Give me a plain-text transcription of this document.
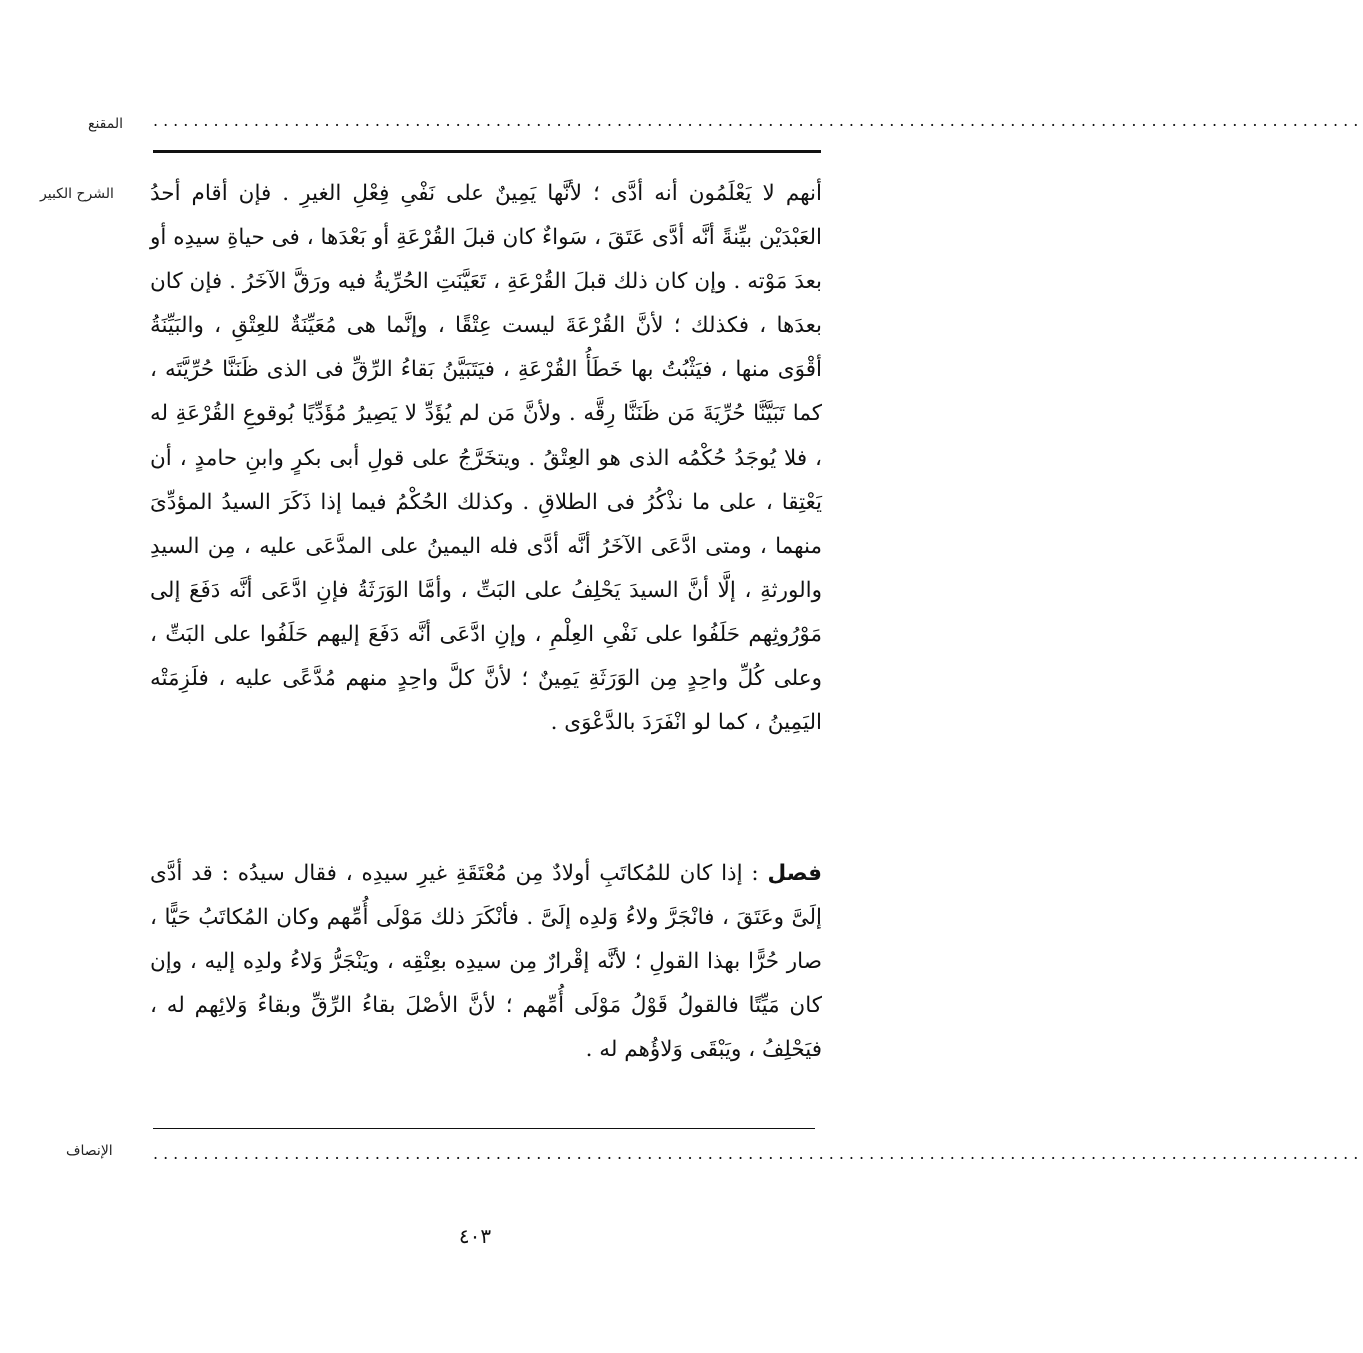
المقنع ........................................................................................................................
الشرح الكبير أنهم لا يَعْلَمُون أنه أدَّى ؛ لأنَّها يَمِينٌ على نَفْىِ فِعْلِ الغيرِ . فإن أقام أحدُ العَبْدَيْن بيِّنةً أنَّه أدَّى عَتَقَ ، سَواءٌ كان قبلَ القُرْعَةِ أو بَعْدَها ، فى حياةِ سيدِه أو بعدَ مَوْته . وإن كان ذلك قبلَ القُرْعَةِ ، تَعَيَّنَتِ الحُرِّيةُ فيه ورَقَّ الآخَرُ . فإن كان بعدَها ، فكذلك ؛ لأنَّ القُرْعَةَ ليست عِتْقًا ، وإنَّما هى مُعَيِّنَةٌ للعِتْقِ ، والبَيِّنَةُ أقْوَى منها ، فيَثْبُتُ بها خَطَأُ القُرْعَةِ ، فيَتَبَيَّنُ بَقاءُ الرِّقِّ فى الذى ظَنَنَّا حُرِّيَّتَه ، كما تَبَيَّنَّا حُرِّيَةَ مَن ظَنَنَّا رِقَّه . ولأنَّ مَن لم يُؤَدِّ لا يَصِيرُ مُؤَدِّيًا بُوقوعِ القُرْعَةِ له ، فلا يُوجَدُ حُكْمُه الذى هو العِتْقُ . ويتخَرَّجُ على قولِ أبى بكرٍ وابنِ حامدٍ ، أن يَعْتِقا ، على ما نذْكُرُ فى الطلاقِ . وكذلك الحُكْمُ فيما إذا ذَكَرَ السيدُ المؤدِّىَ منهما ، ومتى ادَّعَى الآخَرُ أنَّه أدَّى فله اليمينُ على المدَّعَى عليه ، مِن السيدِ والورثةِ ، إلَّا أنَّ السيدَ يَحْلِفُ على البَتِّ ، وأمَّا الوَرَثَةُ فإنِ ادَّعَى أنَّه دَفَعَ إلى مَوْرُوثِهم حَلَفُوا على نَفْىِ العِلْمِ ، وإنِ ادَّعَى أنَّه دَفَعَ إليهم حَلَفُوا على البَتِّ ، وعلى كُلِّ واحِدٍ مِن الوَرَثَةِ يَمِينٌ ؛ لأنَّ كلَّ واحِدٍ منهم مُدَّعًى عليه ، فلَزِمَتْه اليَمِينُ ، كما لو انْفَرَدَ بالدَّعْوَى .

فصل : إذا كان للمُكاتَبِ أولادٌ مِن مُعْتَقَةِ غيرِ سيدِه ، فقال سيدُه : قد أدَّى إلَىَّ وعَتَقَ ، فانْجَرَّ ولاءُ وَلدِه إلَىَّ . فأنْكَرَ ذلك مَوْلَى أُمِّهم وكان المُكاتَبُ حَيًّا ، صار حُرًّا بهذا القولِ ؛ لأنَّه إقْرارٌ مِن سيدِه بعِتْقِه ، ويَنْجَرُّ وَلاءُ ولدِه إليه ، وإن كان مَيِّتًا فالقولُ قَوْلُ مَوْلَى أُمِّهم ؛ لأنَّ الأصْلَ بقاءُ الرِّقِّ وبقاءُ وَلائِهم له ، فيَحْلِفُ ، ويَبْقَى وَلاؤُهم له .

........................................................................................................................
الإنصاف
٤٠٣
